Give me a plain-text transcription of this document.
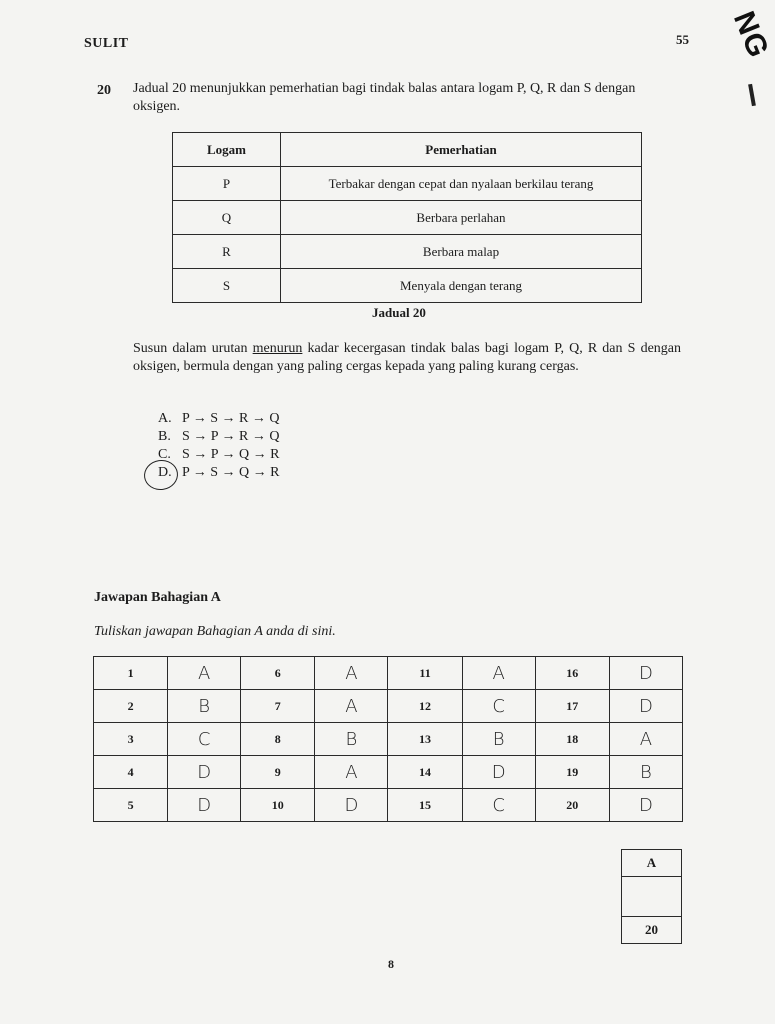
SULIT	55 NG
20 Jadual 20 menunjukkan pemerhatian bagi tindak balas antara logam P, Q, R dan S dengan oksigen.
Logam	Pemerhatian
P	Terbakar dengan cepat dan nyalaan berkilau terang
Q	Berbara perlahan
R	Berbara malap
S	Menyala dengan terang
Jadual 20
Susun dalam urutan menurun kadar kecergasan tindak balas bagi logam P, Q, R dan S dengan oksigen, bermula dengan yang paling cergas kepada yang paling kurang cergas.
A. P → S → R → Q
B. S → P → R → Q
C. S → P → Q → R
D. P → S → Q → R
Jawapan Bahagian A
Tuliskan jawapan Bahagian A anda di sini.
1	A	6	A	11	A	16	D
2	B	7	A	12	C	17	D
3	C	8	B	13	B	18	A
4	D	9	A	14	D	19	B
5	D	10	D	15	C	20	D
A

20
8
